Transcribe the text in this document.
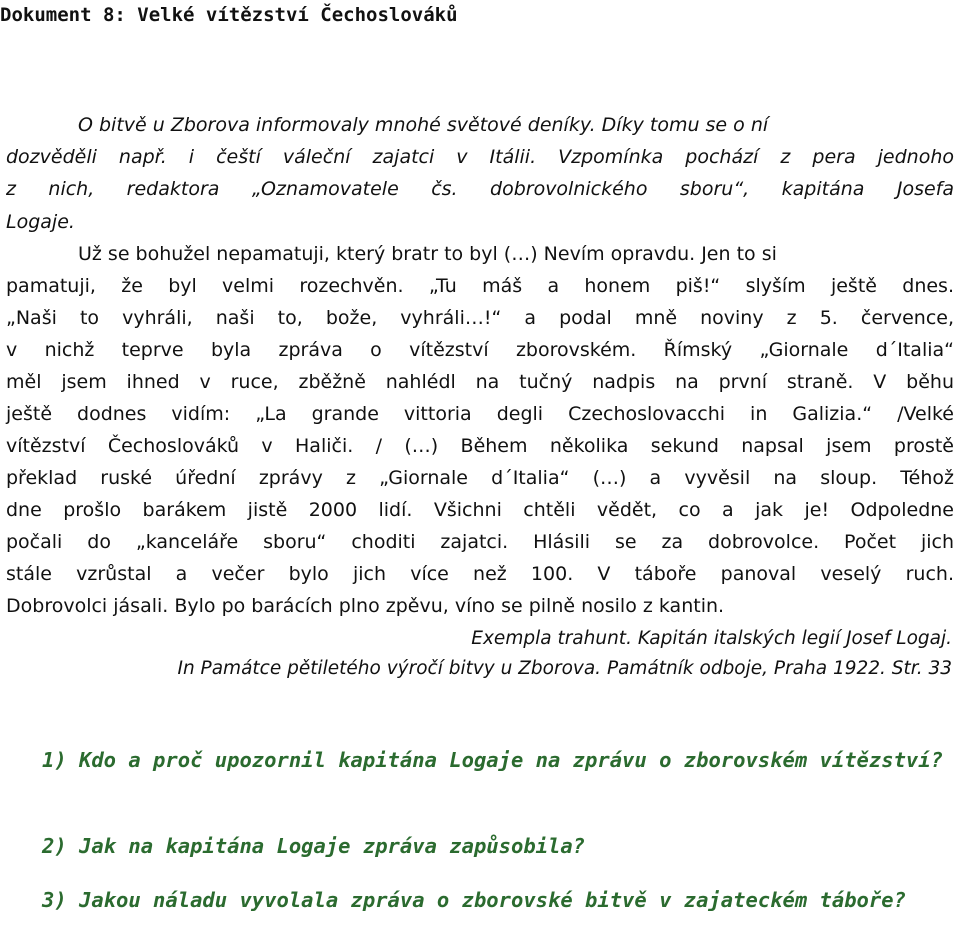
Dokument 8: Velké vítězství Čechoslováků
O bitvě u Zborova informovaly mnohé světové deníky. Díky tomu se o ní
dozvěděli např. i čeští váleční zajatci v Itálii. Vzpomínka pochází z pera jednoho
z nich, redaktora „Oznamovatele čs. dobrovolnického sboru“, kapitána Josefa
Logaje.
Už se bohužel nepamatuji, který bratr to byl (…) Nevím opravdu. Jen to si
pamatuji, že byl velmi rozechvěn. „Tu máš a honem piš!“ slyším ještě dnes.
„Naši to vyhráli, naši to, bože, vyhráli…!“ a podal mně noviny z 5. července,
v nichž teprve byla zpráva o vítězství zborovském. Římský „Giornale d´Italia“
měl jsem ihned v ruce, zběžně nahlédl na tučný nadpis na první straně. V běhu
ještě dodnes vidím: „La grande vittoria degli Czechoslovacchi in Galizia.“ /Velké
vítězství Čechoslováků v Haliči. / (…) Během několika sekund napsal jsem prostě
překlad ruské úřední zprávy z „Giornale d´Italia“ (…) a vyvěsil na sloup. Téhož
dne prošlo barákem jistě 2000 lidí. Všichni chtěli vědět, co a jak je! Odpoledne
počali do „kanceláře sboru“ choditi zajatci. Hlásili se za dobrovolce. Počet jich
stále vzrůstal a večer bylo jich více než 100. V táboře panoval veselý ruch.
Dobrovolci jásali. Bylo po barácích plno zpěvu, víno se pilně nosilo z kantin.
Exempla trahunt. Kapitán italských legií Josef Logaj.
In Památce pětiletého výročí bitvy u Zborova. Památník odboje, Praha 1922. Str. 33
1) Kdo a proč upozornil kapitána Logaje na zprávu o zborovském vítězství?
2) Jak na kapitána Logaje zpráva zapůsobila?
3) Jakou náladu vyvolala zpráva o zborovské bitvě v zajateckém táboře?
